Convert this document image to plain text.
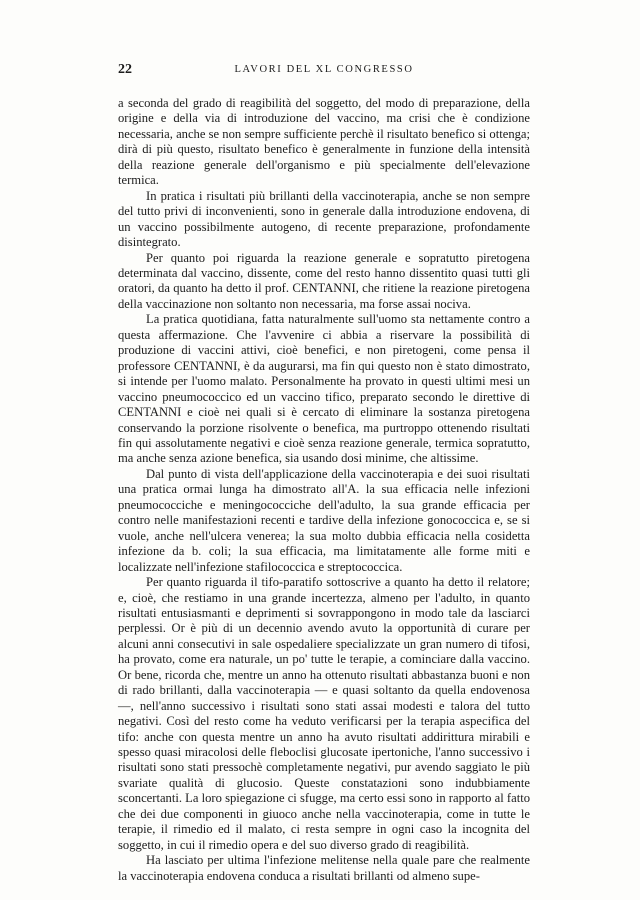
22	LAVORI DEL XL CONGRESSO

a seconda del grado di reagibilità del soggetto, del modo di preparazione, della origine e della via di introduzione del vaccino, ma crisi che è condizione necessaria, anche se non sempre sufficiente perchè il risultato benefico si ottenga; dirà di più questo, risultato benefico è generalmente in funzione della intensità della reazione generale dell'organismo e più specialmente dell'elevazione termica.

In pratica i risultati più brillanti della vaccinoterapia, anche se non sempre del tutto privi di inconvenienti, sono in generale dalla introduzione endovena, di un vaccino possibilmente autogeno, di recente preparazione, profondamente disintegrato.

Per quanto poi riguarda la reazione generale e sopratutto piretogena determinata dal vaccino, dissente, come del resto hanno dissentito quasi tutti gli oratori, da quanto ha detto il prof. CENTANNI, che ritiene la reazione piretogena della vaccinazione non soltanto non necessaria, ma forse assai nociva.

La pratica quotidiana, fatta naturalmente sull'uomo sta nettamente contro a questa affermazione. Che l'avvenire ci abbia a riservare la possibilità di produzione di vaccini attivi, cioè benefici, e non piretogeni, come pensa il professore CENTANNI, è da augurarsi, ma fin qui questo non è stato dimostrato, si intende per l'uomo malato. Personalmente ha provato in questi ultimi mesi un vaccino pneumococcico ed un vaccino tifico, preparato secondo le direttive di CENTANNI e cioè nei quali si è cercato di eliminare la sostanza piretogena conservando la porzione risolvente o benefica, ma purtroppo ottenendo risultati fin qui assolutamente negativi e cioè senza reazione generale, termica sopratutto, ma anche senza azione benefica, sia usando dosi minime, che altissime.

Dal punto di vista dell'applicazione della vaccinoterapia e dei suoi risultati una pratica ormai lunga ha dimostrato all'A. la sua efficacia nelle infezioni pneumococciche e meningococciche dell'adulto, la sua grande efficacia per contro nelle manifestazioni recenti e tardive della infezione gonococcica e, se si vuole, anche nell'ulcera venerea; la sua molto dubbia efficacia nella cosidetta infezione da b. coli; la sua efficacia, ma limitatamente alle forme miti e localizzate nell'infezione stafilococcica e streptococcica.

Per quanto riguarda il tifo-paratifo sottoscrive a quanto ha detto il relatore; e, cioè, che restiamo in una grande incertezza, almeno per l'adulto, in quanto risultati entusiasmanti e deprimenti si sovrappongono in modo tale da lasciarci perplessi. Or è più di un decennio avendo avuto la opportunità di curare per alcuni anni consecutivi in sale ospedaliere specializzate un gran numero di tifosi, ha provato, come era naturale, un po' tutte le terapie, a cominciare dalla vaccino. Or bene, ricorda che, mentre un anno ha ottenuto risultati abbastanza buoni e non di rado brillanti, dalla vaccinoterapia — e quasi soltanto da quella endovenosa —, nell'anno successivo i risultati sono stati assai modesti e talora del tutto negativi. Così del resto come ha veduto verificarsi per la terapia aspecifica del tifo: anche con questa mentre un anno ha avuto risultati addirittura mirabili e spesso quasi miracolosi delle fleboclisi glucosate ipertoniche, l'anno successivo i risultati sono stati pressochè completamente negativi, pur avendo saggiato le più svariate qualità di glucosio. Queste constatazioni sono indubbiamente sconcertanti. La loro spiegazione ci sfugge, ma certo essi sono in rapporto al fatto che dei due componenti in giuoco anche nella vaccinoterapia, come in tutte le terapie, il rimedio ed il malato, ci resta sempre in ogni caso la incognita del soggetto, in cui il rimedio opera e del suo diverso grado di reagibilità.

Ha lasciato per ultima l'infezione melitense nella quale pare che realmente la vaccinoterapia endovena conduca a risultati brillanti od almeno supe-
